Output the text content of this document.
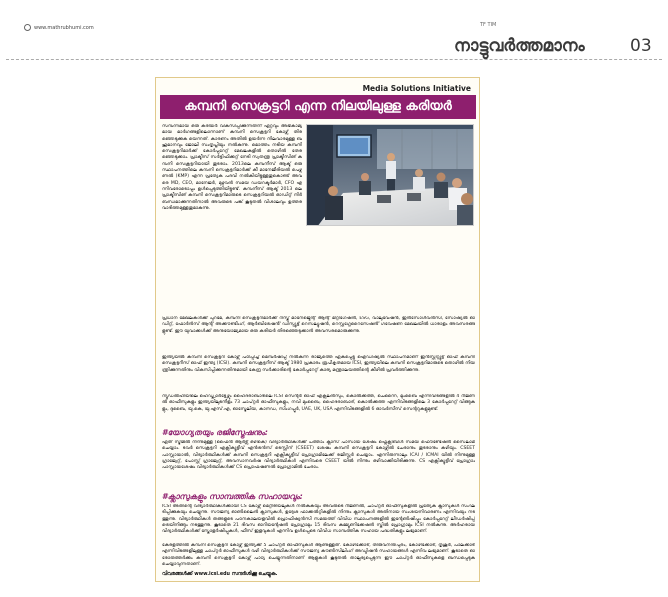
www.mathrubhumi.com	TF TIM
നാട്ടുവർത്തമാനം	03
Media Solutions Initiative
കമ്പനി സെക്രട്ടറി എന്ന നിലയിലുള്ള കരിയർ
സമ്പന്നമായ ഒരു കരിയർ വികസിപ്പിക്കുന്നതിന് ഏറ്റവും അഭികാമ്യമായ മാർഗങ്ങളിലൊന്നാണ് കമ്പനി സെക്രട്ടറി കോഴ്സ് തിരഞ്ഞെടുക്കുക യെന്നത്. കാരണം അതിൽ ഉയർന്ന നിലവാരമുള്ള ബഹുമാനവും ജോലി സംതൃപ്തിയും നൽകുന്നു. മൊത്തം നടിയ കമ്പനി സെക്രട്ടറിമാർക്ക് കോർപ്പറേറ്റ് മേഖലകളിൽ തൊഴിൽ തേരഞ്ഞെടുക്കാം. പ്രാക്ടീസ് സർട്ടിഫിക്കറ്റ് നേടി സ്വതന്ത്ര പ്രാക്ടീസിങ് കമ്പനി സെക്രട്ടറിയായി തുടരാം. 2013ലെ കമ്പനീസ് ആക്ട് ഒരു സ്ഥാപനത്തിലെ കമ്പനി സെക്രട്ടറിമാർക്ക് കീ മാനേജീരിയൽ പെഴ്സണൽ (KMP) എന്ന പ്രത്യേക പദവി നൽകിയിട്ടുള്ളതുകൊണ്ട് അവരെ MD, CEO, മാനേജർ, മുഴുവൻ സമയ ഡയറക്ടർമാർ, CFO എന്നിവരോടൊപ്പം ഉൾപ്പെടുത്തിയിട്ടുണ്ട്. കമ്പനീസ് ആക്ട് 2013 ലെ പ്രാക്ടീസിങ് കമ്പനി സെക്രട്ടറിമാരുടെ സെക്രട്ടറിയൽ ഓഡിറ്റ് നിർബന്ധമാക്കുന്നതിനാൽ അവരുടെ പങ്ക് കൂടുതൽ വിശാലവും ഉത്തരവാദിത്തമുള്ളതുമാകുന്നു.
പ്രധാന മേഖലകൾക്ക് പുറമേ, കമ്പനി സെക്രട്ടറിമാർക്ക് റിസ്ക് മാനേജ്മെന്റ് ആന്റ് മിറ്റിഗേഷൻ, ESG, വാലുവേഷൻ, ഇൻസോൾവൻസി, സോഷ്യൽ ഓഡിറ്റ്, ഫോർൻസ് ആന്റ് അക്കൗണ്ടിംഗ്, ആർബിട്രേഷൻ്‍ ഡിസ്പ്യൂട്ട് റെസല്യൂഷൻ, റെസ്റ്റഗ്ഗേറൈസേഷൻ്‍ ഗവേഷണ മേഖലയിൽ ധാരാളം അവസരങ്ങളുണ്ട്. ഈ യുവാക്കൾക്ക് അനുയോജ്യമായ ഒരു കരിയർ തിരഞ്ഞെടുക്കാൻ അവസരമൊരുക്കുന്നു.
ഇന്ത്യയിൽ കമ്പനി സെക്രട്ടറി കോഴ്സ് പഠിപ്പിച്ച് മെമ്പർഷിപ്പ് നൽകുന്ന രാജ്യത്തെ ഏകപ്പെട്ടു ഐഡിഷ്യൽ സ്ഥാപനമാണ് ഇൻസ്റ്റിറ്റ്യൂട്ട് ഓഫ് കമ്പനി സെക്രട്ടറീസ് ഓഫ് ഇന്ത്യ (ICSI). കമ്പനി സെക്രട്ടറീസ് ആക്ട് 1980 പ്രകാരം രൂപീകൃതമായ ICSI, ഇന്ത്യയിലെ കമ്പനി സെക്രട്ടറിമാരുടെ തൊഴിൽ നിയന്ത്രിക്കുന്നതിനും വികസിപ്പിക്കുന്നതിനുമായി കേന്ദ്ര സർക്കാരിന്റെ കോർപ്പറേറ്റ് കാര്യ മന്ത്രാലയത്തിന്റെ കീഴിൽ പ്രവർത്തിക്കുന്നു.
ന്യൂഡൽഹിയിലെ ഹെഡ്ക്വാർട്ടേഴ്സും ഹൈദരാബാദിലെ ICSI സെന്റർ ഓഫ് എക്സലൻസും, കൊൽക്കത്ത, ചെന്നൈ, മുംബൈ എന്നിവിടങ്ങളിൽ 4 റീജണൽ ഓഫീസുകളും ഇന്ത്യയിലുടനീളം 73 ചാപ്റ്റർ ഓഫീസുകളും, നവി മുംബൈ, ഹൈദരാബാദ്, കൊൽക്കത്ത എന്നിവിടങ്ങളിലെ 3 കോർപ്പറേറ്റ് വിങ്ങുകളും, ദുബൈ, യു.കെ, യു.എസ്.എ, ഓസ്ട്രേലിയ, കാനഡ, സിംഗപ്പൂർ, UAE, UK, USA എന്നിവിടങ്ങളിൽ 6 ഓവർസീസ് സെന്ററുകളുമുണ്ട്.
#യോഗ്യതയും രജിസ്ട്രേഷനും:
ഏത് സ്ട്രീമിൽ നിന്നുമുള്ള (ഫൈൻ ആർട്സ് ഒഴികെ) വിദ്യാർത്ഥികൾക്ക് പത്താം ക്ലാസ് പാസായ ശേഷം ഫ്ലെക്സിബിൾ സമയ ഫൌണ്ടേഷൻ സൈലാമ് ചെയ്യാം. ടവർ സെക്രട്ടറി എക്സിക്യൂട്ടീവ് എൻട്രൻസ് ടെസ്റ്റിന് (CSEET) ശേഷം കമ്പനി സെക്രട്ടറി കോഴ്സിൽ ചേരാനും തുടരാനും കഴിയും. CSEET പാസ്സായാൽ, വിദ്യാർത്ഥികൾക്ക് കമ്പനി സെക്രട്ടറി എക്സിക്യൂട്ടീവ് പ്രോഗ്രാമിലേക്ക് രജിസ്റ്റർ ചെയ്യാം. എന്നിരുന്നാലും ICAI / ICMAI യിൽ നിന്നുമുള്ള ഗ്രാജ്വേറ്റ്, പോസ്റ്റ് ഗ്രാജ്വേറ്റ്, അവസാനവർഷ വിദ്യാർത്ഥികൾ എന്നിവരെ CSEET യിൽ നിന്നും ഒഴിവാക്കിയിരിക്കുന്നു. CS എക്സിക്യൂട്ടീവ് പ്രോഗ്രാം പാസ്സായശേഷം വിദ്യാർത്ഥികൾക്ക് CS പ്രൊഫഷണൽ പ്രോഗ്രാമിൽ ചേരാം.
#ക്ലാസുകളും സാമ്പത്തിക സഹായവും:
ICSI അതിന്റെ വിദ്യാർത്ഥികൾക്കായി CS കോഴ്സ് മെറ്റീരിയലുകൾ നൽകുകയും അവരുടെ റീജണൽ, ചാപ്റ്റർ ഓഫീസുകളിൽ പ്രത്യേക ക്ലാസുകൾ സംഘടിപ്പിക്കുകയും ചെയ്യുന്നു. സൗജന്യ ഓൺലൈൻ ക്ലാസുകൾ, ഉദ്ദേശ ഫാക്കൽറ്റികളിൽ നിന്നും ക്ലാസുകൾ അതിനായ സംശയനിവാരണം എന്നിവയും നടത്തുന്നു. വിദ്യാർത്ഥികൾ തങ്ങളുടെ പഠനകാലയളവിൽ പ്രൊഫിഷ്യൻസി സമയത്ത് വിവിധ സ്ഥാപനങ്ങളിൽ ഇന്റേൺഷിപ്പും കോർപ്പറേറ്റ് ലീഡർഷിപ്പ് ട്രെയിനിങ്ങും നടത്തുന്നു. കൂടാതെ 21 ദിവസ ഓറിയന്റേഷൻ പ്രോഗ്രാമും 15 ദിവസ കമ്മ്യൂണിക്കേഷൻ സ്കിൽ പ്രോഗ്രാമും ICSI നൽകുന്നു. അർഹരായ വിദ്യാർത്ഥികൾക്ക് സ്കോളർഷിപ്പുകൾ, ഫീസ് ഇളവുകൾ എന്നിവ ഉൾപ്പെടെ വിവിധ സാമ്പത്തിക സഹായ പദ്ധതികളും ലഭ്യമാണ്.
കേരളത്തിൽ കമ്പനി സെക്രട്ടറി കോഴ്സ് ഇന്ത്യക്ക് 5 ചാപ്റ്റർ ഓഫീസുകൾ ആണുള്ളത്. കോഴിക്കോട്, തിരുവനന്തപുരം, കോഴിക്കോട്, തൃശൂർ, പാലക്കാട് എന്നിവിടങ്ങളിലുള്ള ചാപ്റ്റർ ഓഫീസുകൾ വഴി വിദ്യാർത്ഥികൾക്ക് സൗജന്യ കൗൺസിലിംഗ് അഡ്മിഷൻ സഹായങ്ങൾ എന്നിവ ലഭ്യമാണ്. കൂടാതെ ഓരോരുത്തർക്കും കമ്പനി സെക്രട്ടറി കോഴ്സ് പാഠ്യ ചെയ്യുന്നതിനാണ് ആളുകൾ കൂടുതൽ താല്പര്യപ്പെടുന്ന ഈ ചാപ്റ്റർ ഓഫീസുകളെ ബന്ധപ്പെടുക ചെയ്യാവുന്നതാണ്.
വിവരങ്ങൾക്ക് www.icsi.edu സന്ദർശിക്കൂ ചെയ്യുക.
